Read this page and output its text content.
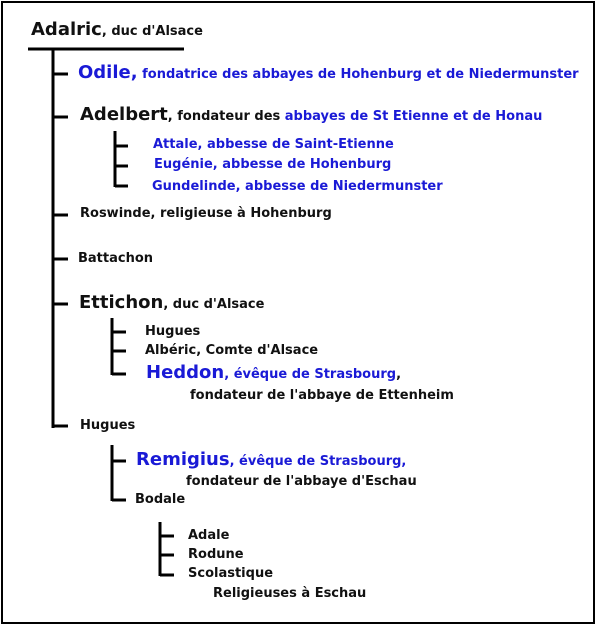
Adalric, duc d'Alsace
Odile, fondatrice des abbayes de Hohenburg et de Niedermunster
Adelbert, fondateur des abbayes de St Etienne et de Honau
Attale, abbesse de Saint-Etienne
Eugénie, abbesse de Hohenburg
Gundelinde, abbesse de Niedermunster
Roswinde, religieuse à Hohenburg
Battachon
Ettichon, duc d'Alsace
Hugues
Albéric, Comte d'Alsace
Heddon, évêque de Strasbourg,
fondateur de l'abbaye de Ettenheim
Hugues
Remigius, évêque de Strasbourg,
fondateur de l'abbaye d'Eschau
Bodale
Adale
Rodune
Scolastique
Religieuses à Eschau
